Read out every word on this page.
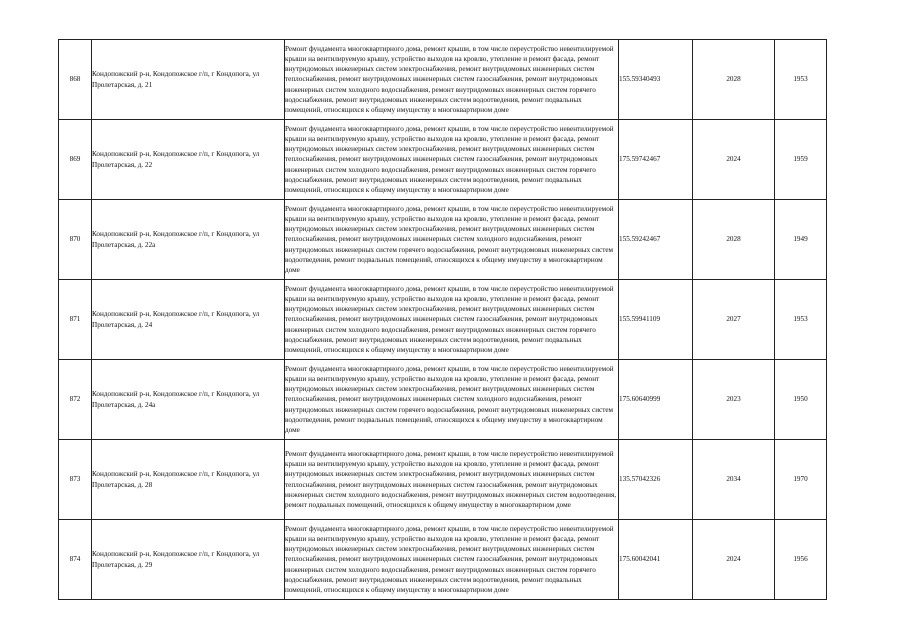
868	Кондопожский р-н, Кондопожское г/п, г Кондопога, ул Пролетарская, д. 21	Ремонт фундамента многоквартирного дома, ремонт крыши, в том числе переустройство невентилируемой крыши на вентилируемую крышу, устройство выходов на кровлю, утепление и ремонт фасада, ремонт внутридомовых инженерных систем электроснабжения, ремонт внутридомовых инженерных систем теплоснабжения, ремонт внутридомовых инженерных систем газоснабжения, ремонт внутридомовых инженерных систем холодного водоснабжения, ремонт внутридомовых инженерных систем горячего водоснабжения, ремонт внутридомовых инженерных систем водоотведения, ремонт подвальных помещений, относящихся к общему имуществу в многоквартирном доме	155.59340493	2028	1953
869	Кондопожский р-н, Кондопожское г/п, г Кондопога, ул Пролетарская, д. 22	Ремонт фундамента многоквартирного дома, ремонт крыши, в том числе переустройство невентилируемой крыши на вентилируемую крышу, устройство выходов на кровлю, утепление и ремонт фасада, ремонт внутридомовых инженерных систем электроснабжения, ремонт внутридомовых инженерных систем теплоснабжения, ремонт внутридомовых инженерных систем газоснабжения, ремонт внутридомовых инженерных систем холодного водоснабжения, ремонт внутридомовых инженерных систем горячего водоснабжения, ремонт внутридомовых инженерных систем водоотведения, ремонт подвальных помещений, относящихся к общему имуществу в многоквартирном доме	175.59742467	2024	1959
870	Кондопожский р-н, Кондопожское г/п, г Кондопога, ул Пролетарская, д. 22а	Ремонт фундамента многоквартирного дома, ремонт крыши, в том числе переустройство невентилируемой крыши на вентилируемую крышу, устройство выходов на кровлю, утепление и ремонт фасада, ремонт внутридомовых инженерных систем электроснабжения, ремонт внутридомовых инженерных систем теплоснабжения, ремонт внутридомовых инженерных систем холодного водоснабжения, ремонт внутридомовых инженерных систем горячего водоснабжения, ремонт внутридомовых инженерных систем водоотведения, ремонт подвальных помещений, относящихся к общему имуществу в многоквартирном доме	155.59242467	2028	1949
871	Кондопожский р-н, Кондопожское г/п, г Кондопога, ул Пролетарская, д. 24	Ремонт фундамента многоквартирного дома, ремонт крыши, в том числе переустройство невентилируемой крыши на вентилируемую крышу, устройство выходов на кровлю, утепление и ремонт фасада, ремонт внутридомовых инженерных систем электроснабжения, ремонт внутридомовых инженерных систем теплоснабжения, ремонт внутридомовых инженерных систем газоснабжения, ремонт внутридомовых инженерных систем холодного водоснабжения, ремонт внутридомовых инженерных систем горячего водоснабжения, ремонт внутридомовых инженерных систем водоотведения, ремонт подвальных помещений, относящихся к общему имуществу в многоквартирном доме	155.59941109	2027	1953
872	Кондопожский р-н, Кондопожское г/п, г Кондопога, ул Пролетарская, д. 24а	Ремонт фундамента многоквартирного дома, ремонт крыши, в том числе переустройство невентилируемой крыши на вентилируемую крышу, устройство выходов на кровлю, утепление и ремонт фасада, ремонт внутридомовых инженерных систем электроснабжения, ремонт внутридомовых инженерных систем теплоснабжения, ремонт внутридомовых инженерных систем холодного водоснабжения, ремонт внутридомовых инженерных систем горячего водоснабжения, ремонт внутридомовых инженерных систем водоотведения, ремонт подвальных помещений, относящихся к общему имуществу в многоквартирном доме	175.60640999	2023	1950
873	Кондопожский р-н, Кондопожское г/п, г Кондопога, ул Пролетарская, д. 28	Ремонт фундамента многоквартирного дома, ремонт крыши, в том числе переустройство невентилируемой крыши на вентилируемую крышу, устройство выходов на кровлю, утепление и ремонт фасада, ремонт внутридомовых инженерных систем электроснабжения, ремонт внутридомовых инженерных систем теплоснабжения, ремонт внутридомовых инженерных систем газоснабжения, ремонт внутридомовых инженерных систем холодного водоснабжения, ремонт внутридомовых инженерных систем водоотведения, ремонт подвальных помещений, относящихся к общему имуществу в многоквартирном доме	135.57042326	2034	1970
874	Кондопожский р-н, Кондопожское г/п, г Кондопога, ул Пролетарская, д. 29	Ремонт фундамента многоквартирного дома, ремонт крыши, в том числе переустройство невентилируемой крыши на вентилируемую крышу, устройство выходов на кровлю, утепление и ремонт фасада, ремонт внутридомовых инженерных систем электроснабжения, ремонт внутридомовых инженерных систем теплоснабжения, ремонт внутридомовых инженерных систем газоснабжения, ремонт внутридомовых инженерных систем холодного водоснабжения, ремонт внутридомовых инженерных систем горячего водоснабжения, ремонт внутридомовых инженерных систем водоотведения, ремонт подвальных помещений, относящихся к общему имуществу в многоквартирном доме	175.60042041	2024	1956
